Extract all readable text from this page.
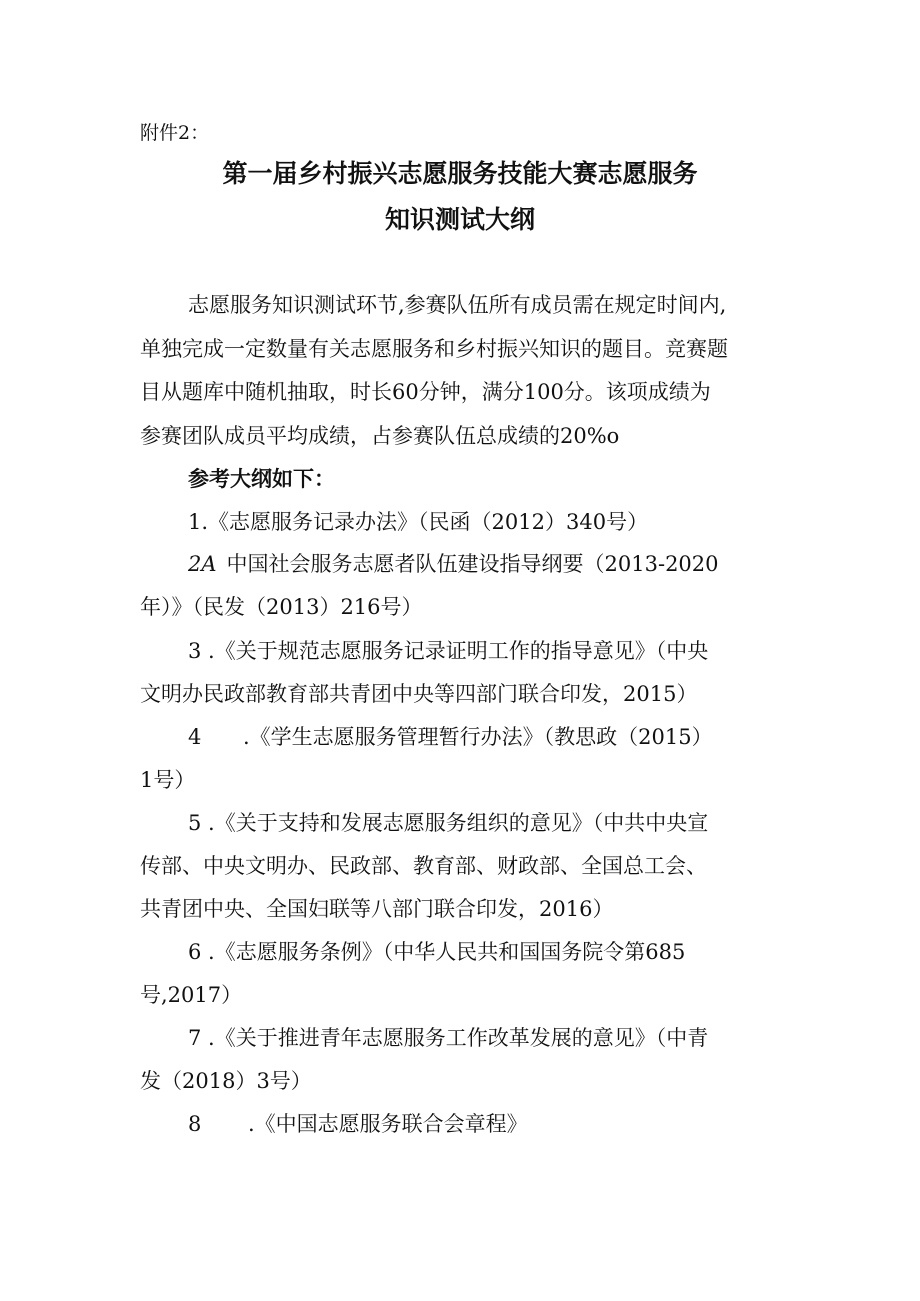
附件2：
第一届乡村振兴志愿服务技能大赛志愿服务
知识测试大纲
志愿服务知识测试环节,参赛队伍所有成员需在规定时间内,
单独完成一定数量有关志愿服务和乡村振兴知识的题目。竞赛题
目从题库中随机抽取，时长60分钟，满分100分。该项成绩为
参赛团队成员平均成绩，占参赛队伍总成绩的20%o
参考大纲如下：
1.《志愿服务记录办法》（民函（2012）340号）
2A 中国社会服务志愿者队伍建设指导纲要（2013-2020
年）》（民发（2013）216号）
3 .《关于规范志愿服务记录证明工作的指导意见》（中央
文明办民政部教育部共青团中央等四部门联合印发，2015）
4 .《学生志愿服务管理暂行办法》（教思政（2015）
1号）
5 .《关于支持和发展志愿服务组织的意见》（中共中央宣
传部、中央文明办、民政部、教育部、财政部、全国总工会、
共青团中央、全国妇联等八部门联合印发，2016）
6 .《志愿服务条例》（中华人民共和国国务院令第685
号,2017）
7 .《关于推进青年志愿服务工作改革发展的意见》（中青
发（2018）3号）
8 .《中国志愿服务联合会章程》
